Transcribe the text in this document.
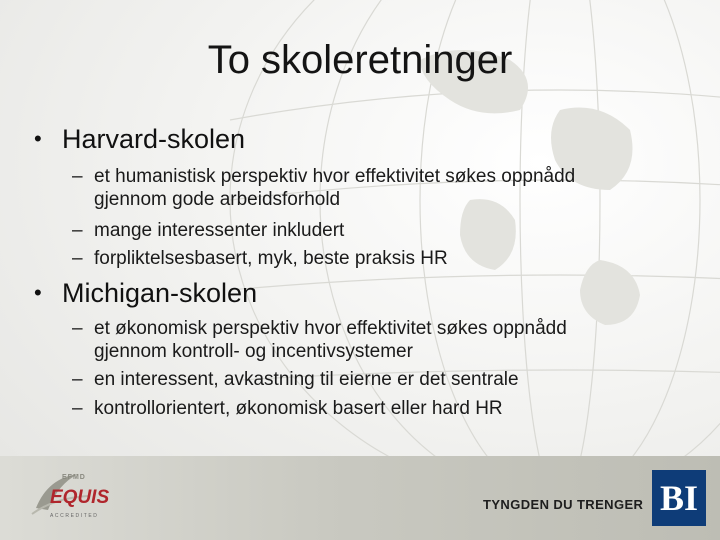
To skoleretninger
• Harvard-skolen
– et humanistisk perspektiv hvor effektivitet søkes oppnådd
gjennom gode arbeidsforhold
– mange interessenter inkludert
– forpliktelsesbasert, myk, beste praksis HR
• Michigan-skolen
– et økonomisk perspektiv hvor effektivitet søkes oppnådd
gjennom kontroll- og incentivsystemer
– en interessent, avkastning til eierne er det sentrale
– kontrollorientert, økonomisk basert eller hard HR
EFMD
EQUIS
ACCREDITED
TYNGDEN DU TRENGER BI
